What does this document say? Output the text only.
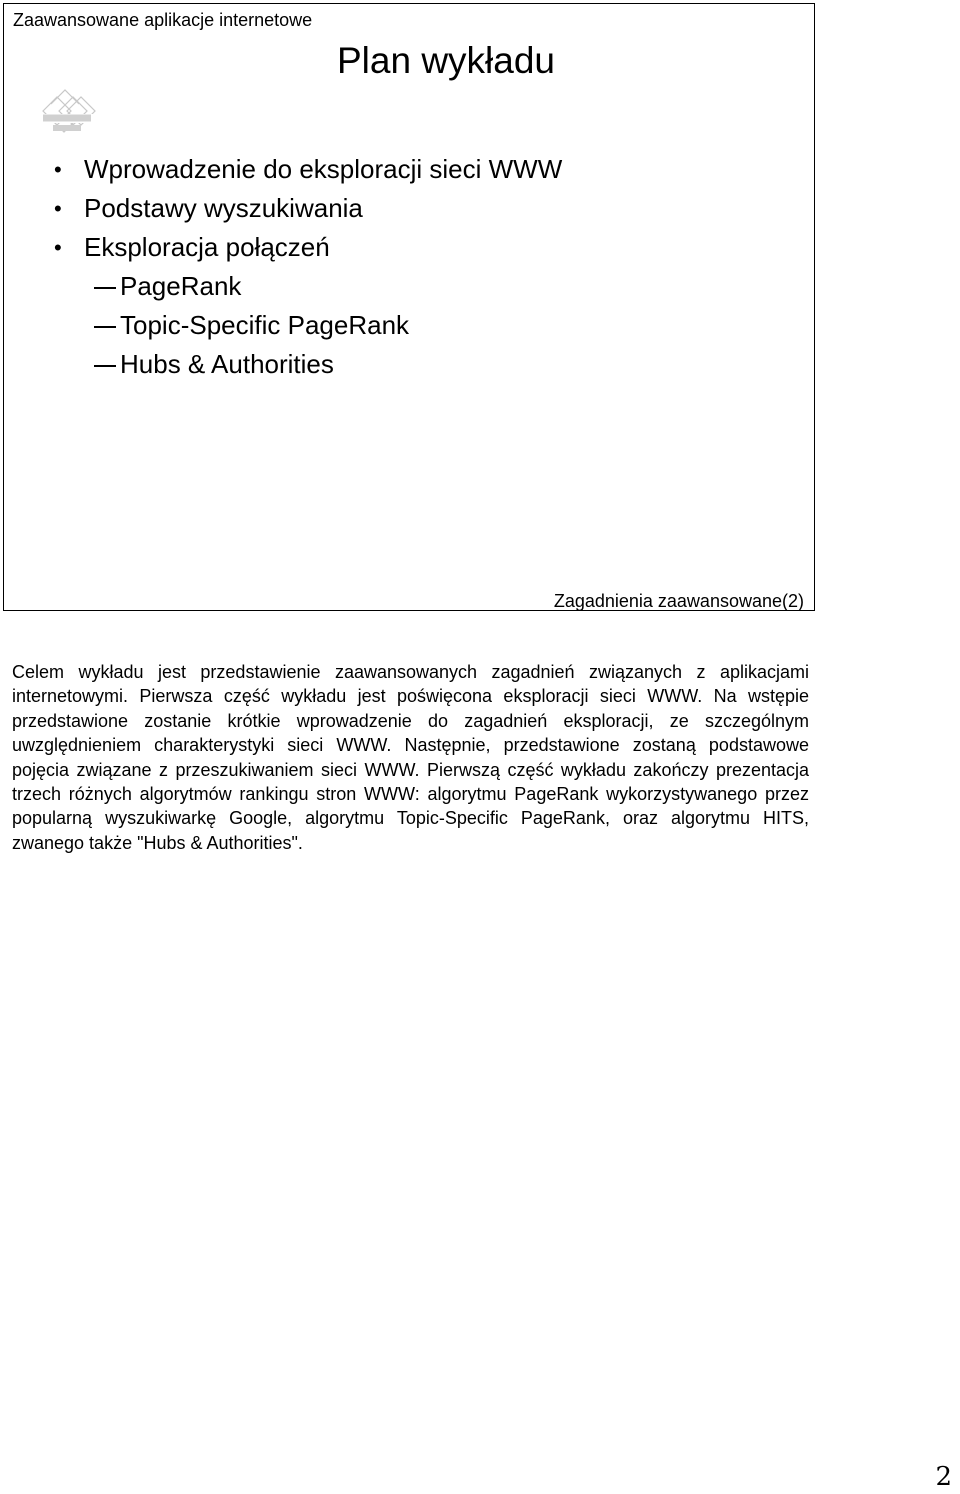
Zaawansowane aplikacje internetowe
Plan wykładu
• Wprowadzenie do eksploracji sieci WWW
• Podstawy wyszukiwania
• Eksploracja połączeń
PageRank
Topic-Specific PageRank
Hubs & Authorities
Zagadnienia zaawansowane(2)

Celem wykładu jest przedstawienie zaawansowanych zagadnień związanych z aplikacjami internetowymi. Pierwsza część wykładu jest poświęcona eksploracji sieci WWW. Na wstępie przedstawione zostanie krótkie wprowadzenie do zagadnień eksploracji, ze szczególnym uwzględnieniem charakterystyki sieci WWW. Następnie, przedstawione zostaną podstawowe pojęcia związane z przeszukiwaniem sieci WWW. Pierwszą część wykładu zakończy prezentacja trzech różnych algorytmów rankingu stron WWW: algorytmu PageRank wykorzystywanego przez popularną wyszukiwarkę Google, algorytmu Topic-Specific PageRank, oraz algorytmu HITS, zwanego także "Hubs & Authorities".

2
